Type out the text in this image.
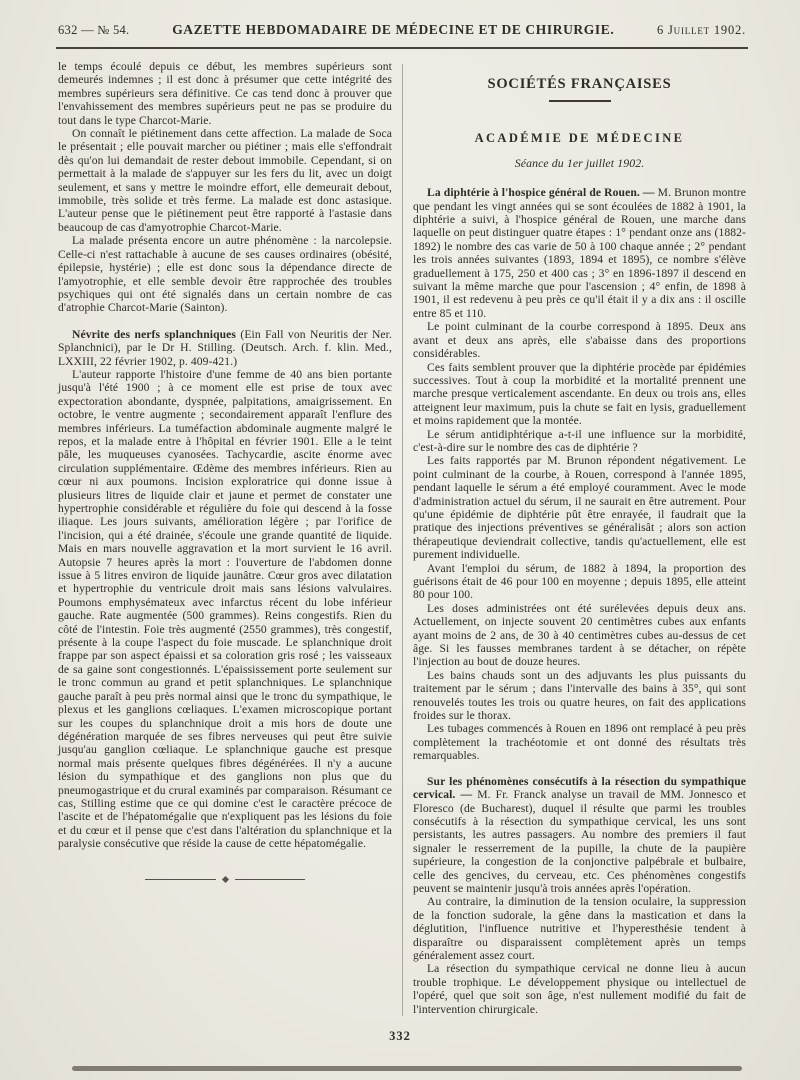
632 — № 54.	GAZETTE HEBDOMADAIRE DE MÉDECINE ET DE CHIRURGIE.	6 Juillet 1902.

le temps écoulé depuis ce début, les membres supérieurs sont demeurés indemnes ; il est donc à présumer que cette intégrité des membres supérieurs sera définitive. Ce cas tend donc à prouver que l'envahissement des membres supérieurs peut ne pas se produire du tout dans le type Charcot-Marie.

On connaît le piétinement dans cette affection. La malade de Soca le présentait ; elle pouvait marcher ou piétiner ; mais elle s'effondrait dès qu'on lui demandait de rester debout immobile. Cependant, si on permettait à la malade de s'appuyer sur les fers du lit, avec un doigt seulement, et sans y mettre le moindre effort, elle demeurait debout, immobile, très solide et très ferme. La malade est donc astasique. L'auteur pense que le piétinement peut être rapporté à l'astasie dans beaucoup de cas d'amyotrophie Charcot-Marie.

La malade présenta encore un autre phénomène : la narcolepsie. Celle-ci n'est rattachable à aucune de ses causes ordinaires (obésité, épilepsie, hystérie) ; elle est donc sous la dépendance directe de l'amyotrophie, et elle semble devoir être rapprochée des troubles psychiques qui ont été signalés dans un certain nombre de cas d'atrophie Charcot-Marie (Sainton).

Névrite des nerfs splanchniques (Ein Fall von Neuritis der Ner. Splanchnici), par le Dr H. Stilling. (Deutsch. Arch. f. klin. Med., LXXIII, 22 février 1902, p. 409-421.)

L'auteur rapporte l'histoire d'une femme de 40 ans bien portante jusqu'à l'été 1900 ; à ce moment elle est prise de toux avec expectoration abondante, dyspnée, palpitations, amaigrissement. En octobre, le ventre augmente ; secondairement apparaît l'enflure des membres inférieurs. La tuméfaction abdominale augmente malgré le repos, et la malade entre à l'hôpital en février 1901. Elle a le teint pâle, les muqueuses cyanosées. Tachycardie, ascite énorme avec circulation supplémentaire. Œdème des membres inférieurs. Rien au cœur ni aux poumons. Incision exploratrice qui donne issue à plusieurs litres de liquide clair et jaune et permet de constater une hypertrophie considérable et régulière du foie qui descend à la fosse iliaque. Les jours suivants, amélioration légère ; par l'orifice de l'incision, qui a été drainée, s'écoule une grande quantité de liquide. Mais en mars nouvelle aggravation et la mort survient le 16 avril. Autopsie 7 heures après la mort : l'ouverture de l'abdomen donne issue à 5 litres environ de liquide jaunâtre. Cœur gros avec dilatation et hypertrophie du ventricule droit mais sans lésions valvulaires. Poumons emphysémateux avec infarctus récent du lobe inférieur gauche. Rate augmentée (500 grammes). Reins congestifs. Rien du côté de l'intestin. Foie très augmenté (2550 grammes), très congestif, présente à la coupe l'aspect du foie muscade. Le splanchnique droit frappe par son aspect épaissi et sa coloration gris rosé ; les vaisseaux de sa gaine sont congestionnés. L'épaississement porte seulement sur le tronc commun au grand et petit splanchniques. Le splanchnique gauche paraît à peu près normal ainsi que le tronc du sympathique, le plexus et les ganglions cœliaques. L'examen microscopique portant sur les coupes du splanchnique droit a mis hors de doute une dégénération marquée de ses fibres nerveuses qui peut être suivie jusqu'au ganglion cœliaque. Le splanchnique gauche est presque normal mais présente quelques fibres dégénérées. Il n'y a aucune lésion du sympathique et des ganglions non plus que du pneumogastrique et du crural examinés par comparaison. Résumant ce cas, Stilling estime que ce qui domine c'est le caractère précoce de l'ascite et de l'hépatomégalie que n'expliquent pas les lésions du foie et du cœur et il pense que c'est dans l'altération du splanchnique et la paralysie consécutive que réside la cause de cette hépatomégalie.

SOCIÉTÉS FRANÇAISES

ACADÉMIE DE MÉDECINE

Séance du 1er juillet 1902.

La diphtérie à l'hospice général de Rouen. — M. Brunon montre que pendant les vingt années qui se sont écoulées de 1882 à 1901, la diphtérie a suivi, à l'hospice général de Rouen, une marche dans laquelle on peut distinguer quatre étapes : 1° pendant onze ans (1882-1892) le nombre des cas varie de 50 à 100 chaque année ; 2° pendant les trois années suivantes (1893, 1894 et 1895), ce nombre s'élève graduellement à 175, 250 et 400 cas ; 3° en 1896-1897 il descend en suivant la même marche que pour l'ascension ; 4° enfin, de 1898 à 1901, il est redevenu à peu près ce qu'il était il y a dix ans : il oscille entre 85 et 110.

Le point culminant de la courbe correspond à 1895. Deux ans avant et deux ans après, elle s'abaisse dans des proportions considérables.

Ces faits semblent prouver que la diphtérie procède par épidémies successives. Tout à coup la morbidité et la mortalité prennent une marche presque verticalement ascendante. En deux ou trois ans, elles atteignent leur maximum, puis la chute se fait en lysis, graduellement et moins rapidement que la montée.

Le sérum antidiphtérique a-t-il une influence sur la morbidité, c'est-à-dire sur le nombre des cas de diphtérie ?

Les faits rapportés par M. Brunon répondent négativement. Le point culminant de la courbe, à Rouen, correspond à l'année 1895, pendant laquelle le sérum a été employé couramment. Avec le mode d'administration actuel du sérum, il ne saurait en être autrement. Pour qu'une épidémie de diphtérie pût être enrayée, il faudrait que la pratique des injections préventives se généralisât ; alors son action thérapeutique deviendrait collective, tandis qu'actuellement, elle est purement individuelle.

Avant l'emploi du sérum, de 1882 à 1894, la proportion des guérisons était de 46 pour 100 en moyenne ; depuis 1895, elle atteint 80 pour 100.

Les doses administrées ont été surélevées depuis deux ans. Actuellement, on injecte souvent 20 centimètres cubes aux enfants ayant moins de 2 ans, de 30 à 40 centimètres cubes au-dessus de cet âge. Si les fausses membranes tardent à se détacher, on répète l'injection au bout de douze heures.

Les bains chauds sont un des adjuvants les plus puissants du traitement par le sérum ; dans l'intervalle des bains à 35°, qui sont renouvelés toutes les trois ou quatre heures, on fait des applications froides sur le thorax.

Les tubages commencés à Rouen en 1896 ont remplacé à peu près complètement la trachéotomie et ont donné des résultats très remarquables.

Sur les phénomènes consécutifs à la résection du sympathique cervical. — M. Fr. Franck analyse un travail de MM. Jonnesco et Floresco (de Bucharest), duquel il résulte que parmi les troubles consécutifs à la résection du sympathique cervical, les uns sont persistants, les autres passagers. Au nombre des premiers il faut signaler le resserrement de la pupille, la chute de la paupière supérieure, la congestion de la conjonctive palpébrale et bulbaire, celle des gencives, du cerveau, etc. Ces phénomènes congestifs peuvent se maintenir jusqu'à trois années après l'opération.

Au contraire, la diminution de la tension oculaire, la suppression de la fonction sudorale, la gêne dans la mastication et dans la déglutition, l'influence nutritive et l'hyperesthésie tendent à disparaître ou disparaissent complètement après un temps généralement assez court.

La résection du sympathique cervical ne donne lieu à aucun trouble trophique. Le développement physique ou intellectuel de l'opéré, quel que soit son âge, n'est nullement modifié du fait de l'intervention chirurgicale.

332
